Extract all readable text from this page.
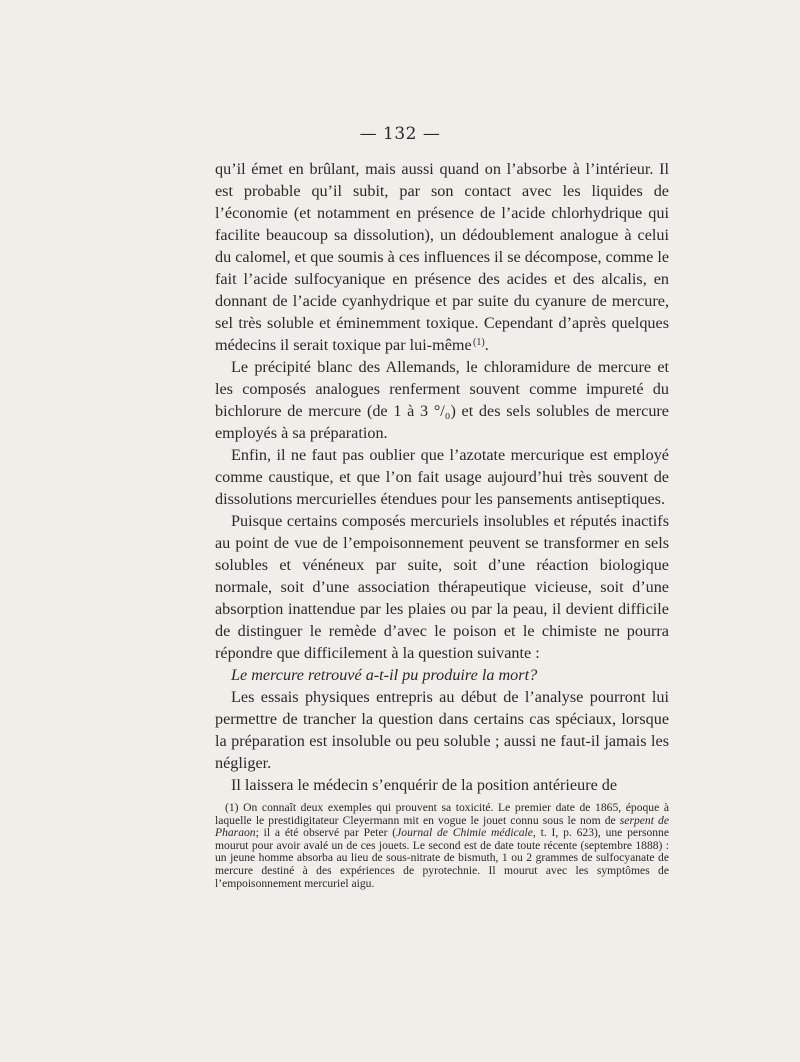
— 132 —

qu’il émet en brûlant, mais aussi quand on l’absorbe à l’intérieur. Il est probable qu’il subit, par son contact avec les liquides de l’économie (et notamment en présence de l’acide chlorhydrique qui facilite beaucoup sa dissolution), un dédoublement analogue à celui du calomel, et que soumis à ces influences il se décompose, comme le fait l’acide sulfocyanique en présence des acides et des alcalis, en donnant de l’acide cyanhydrique et par suite du cyanure de mercure, sel très soluble et éminemment toxique. Cependant d’après quelques médecins il serait toxique par lui-même $^{(1)}$.

Le précipité blanc des Allemands, le chloramidure de mercure et les composés analogues renferment souvent comme impureté du bichlorure de mercure (de 1 à 3 °/₀) et des sels solubles de mercure employés à sa préparation.

Enfin, il ne faut pas oublier que l’azotate mercurique est employé comme caustique, et que l’on fait usage aujourd’hui très souvent de dissolutions mercurielles étendues pour les pansements antiseptiques.

Puisque certains composés mercuriels insolubles et réputés inactifs au point de vue de l’empoisonnement peuvent se transformer en sels solubles et vénéneux par suite, soit d’une réaction biologique normale, soit d’une association thérapeutique vicieuse, soit d’une absorption inattendue par les plaies ou par la peau, il devient difficile de distinguer le remède d’avec le poison et le chimiste ne pourra répondre que difficilement à la question suivante :

Le mercure retrouvé a-t-il pu produire la mort?

Les essais physiques entrepris au début de l’analyse pourront lui permettre de trancher la question dans certains cas spéciaux, lorsque la préparation est insoluble ou peu soluble ; aussi ne faut-il jamais les négliger.

Il laissera le médecin s’enquérir de la position antérieure de

(1) On connaît deux exemples qui prouvent sa toxicité. Le premier date de 1865, époque à laquelle le prestidigitateur Cleyermann mit en vogue le jouet connu sous le nom de serpent de Pharaon; il a été observé par Peter (Journal de Chimie médicale, t. I, p. 623), une personne mourut pour avoir avalé un de ces jouets. Le second est de date toute récente (septembre 1888) : un jeune homme absorba au lieu de sous-nitrate de bismuth, 1 ou 2 grammes de sulfocyanate de mercure destiné à des expériences de pyrotechnie. Il mourut avec les symptômes de l’empoisonnement mercuriel aigu.
